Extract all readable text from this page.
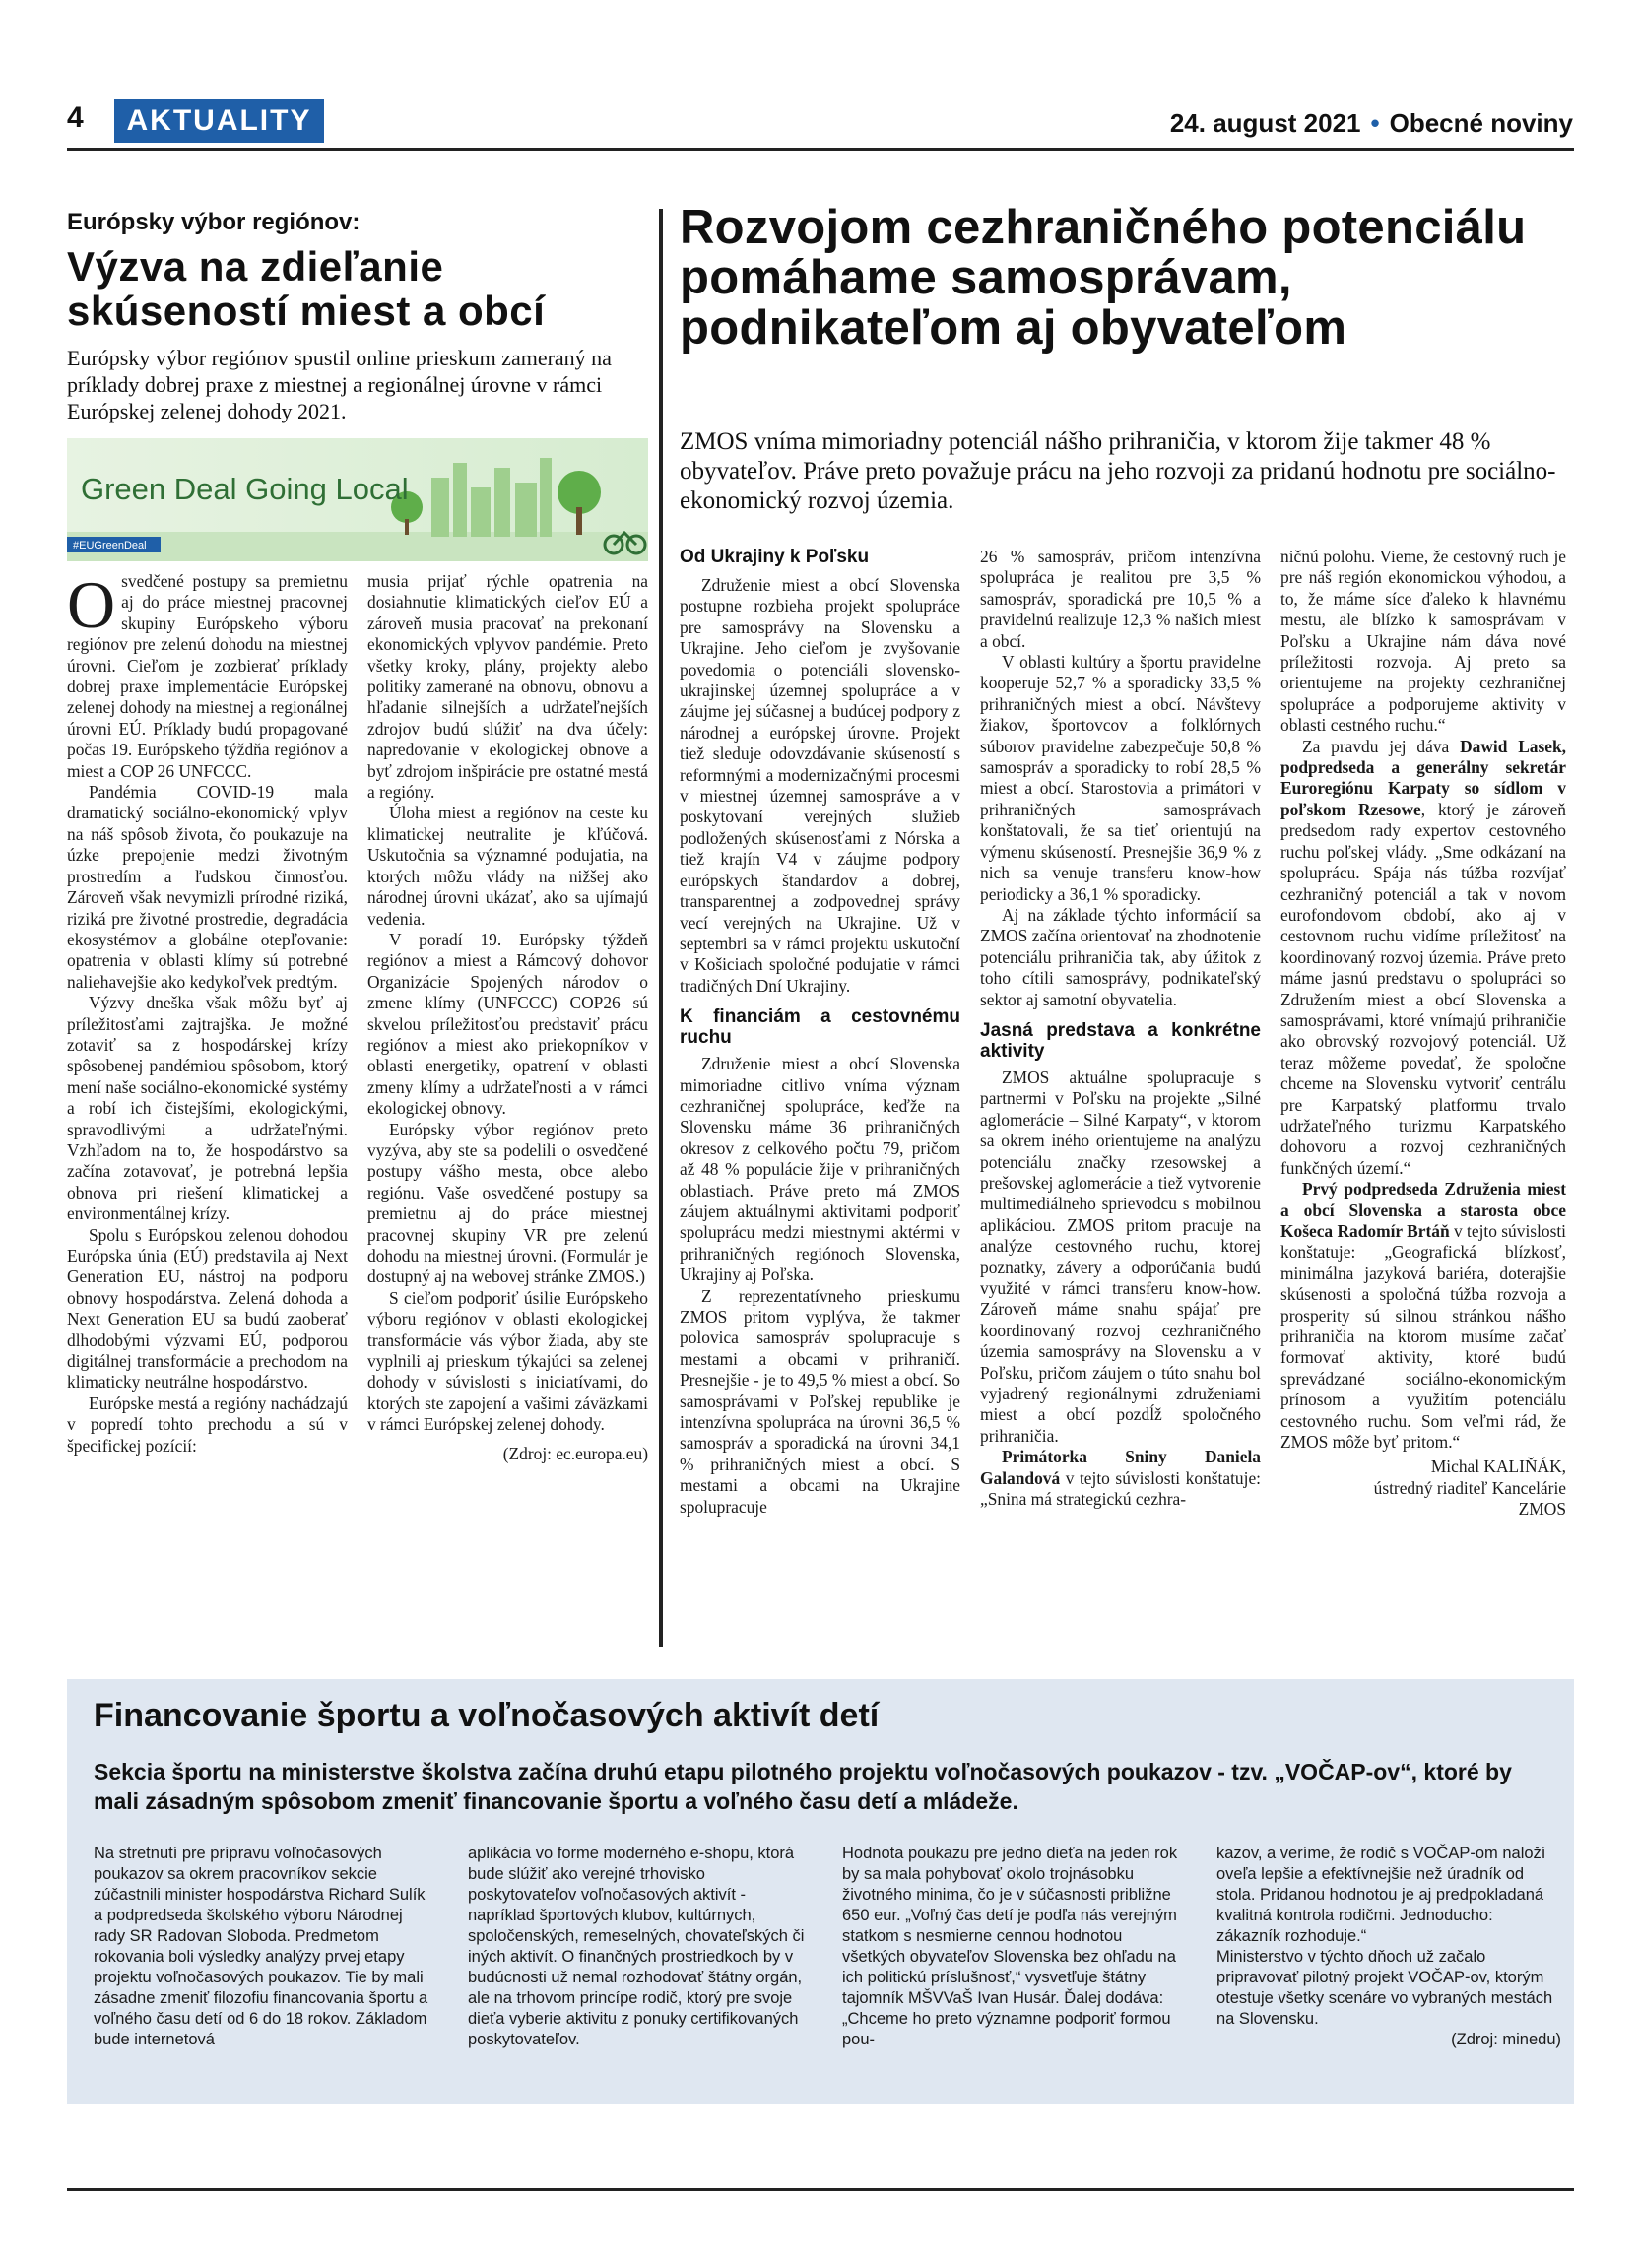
4	AKTUALITY	24. august 2021 • Obecné noviny
Európsky výbor regiónov:
Výzva na zdieľanie skúseností miest a obcí
Európsky výbor regiónov spustil online prieskum zameraný na príklady dobrej praxe z miestnej a regionálnej úrovne v rámci Európskej zelenej dohody 2021.
Green Deal Going Local
#EUGreenDeal

Osvedčené postupy sa premietnu aj do práce miestnej pracovnej skupiny Európskeho výboru regiónov pre zelenú dohodu na miestnej úrovni. Cieľom je zozbierať príklady dobrej praxe implementácie Európskej zelenej dohody na miestnej a regionálnej úrovni EÚ. Príklady budú propagované počas 19. Európskeho týždňa regiónov a miest a COP 26 UNFCCC.

Pandémia COVID-19 mala dramatický sociálno-ekonomický vplyv na náš spôsob života, čo poukazuje na úzke prepojenie medzi životným prostredím a ľudskou činnosťou. Zároveň však nevymizli prírodné riziká, riziká pre životné prostredie, degradácia ekosystémov a globálne otepľovanie: opatrenia v oblasti klímy sú potrebné naliehavejšie ako kedykoľvek predtým.

Výzvy dneška však môžu byť aj príležitosťami zajtrajška. Je možné zotaviť sa z hospodárskej krízy spôsobenej pandémiou spôsobom, ktorý mení naše sociálno-ekonomické systémy a robí ich čistejšími, ekologickými, spravodlivými a udržateľnými. Vzhľadom na to, že hospodárstvo sa začína zotavovať, je potrebná lepšia obnova pri riešení klimatickej a environmentálnej krízy.

Spolu s Európskou zelenou dohodou Európska únia (EÚ) predstavila aj Next Generation EU, nástroj na podporu obnovy hospodárstva. Zelená dohoda a Next Generation EU sa budú zaoberať dlhodobými výzvami EÚ, podporou digitálnej transformácie a prechodom na klimaticky neutrálne hospodárstvo.

Európske mestá a regióny nachádzajú v popredí tohto prechodu a sú v špecifickej pozícií:

musia prijať rýchle opatrenia na dosiahnutie klimatických cieľov EÚ a zároveň musia pracovať na prekonaní ekonomických vplyvov pandémie. Preto všetky kroky, plány, projekty alebo politiky zamerané na obnovu, obnovu a hľadanie silnejších a udržateľnejších zdrojov budú slúžiť na dva účely: napredovanie v ekologickej obnove a byť zdrojom inšpirácie pre ostatné mestá a regióny.

Úloha miest a regiónov na ceste ku klimatickej neutralite je kľúčová. Uskutočnia sa významné podujatia, na ktorých môžu vlády na nižšej ako národnej úrovni ukázať, ako sa ujímajú vedenia.

V poradí 19. Európsky týždeň regiónov a miest a Rámcový dohovor Organizácie Spojených národov o zmene klímy (UNFCCC) COP26 sú skvelou príležitosťou predstaviť prácu regiónov a miest ako priekopníkov v oblasti energetiky, opatrení v oblasti zmeny klímy a udržateľnosti a v rámci ekologickej obnovy.

Európsky výbor regiónov preto vyzýva, aby ste sa podelili o osvedčené postupy vášho mesta, obce alebo regiónu. Vaše osvedčené postupy sa premietnu aj do práce miestnej pracovnej skupiny VR pre zelenú dohodu na miestnej úrovni. (Formulár je dostupný aj na webovej stránke ZMOS.)

S cieľom podporiť úsilie Európskeho výboru regiónov v oblasti ekologickej transformácie vás výbor žiada, aby ste vyplnili aj prieskum týkajúci sa zelenej dohody v súvislosti s iniciatívami, do ktorých ste zapojení a vašimi záväzkami v rámci Európskej zelenej dohody.

(Zdroj: ec.europa.eu)
Rozvojom cezhraničného potenciálu pomáhame samosprávam, podnikateľom aj obyvateľom
ZMOS vníma mimoriadny potenciál nášho prihraničia, v ktorom žije takmer 48 % obyvateľov. Práve preto považuje prácu na jeho rozvoji za pridanú hodnotu pre sociálno-ekonomický rozvoj územia.
Od Ukrajiny k Poľsku

Združenie miest a obcí Slovenska postupne rozbieha projekt spolupráce pre samosprávy na Slovensku a Ukrajine. Jeho cieľom je zvyšovanie povedomia o potenciáli slovensko-ukrajinskej územnej spolupráce a v záujme jej súčasnej a budúcej podpory z národnej a európskej úrovne. Projekt tiež sleduje odovzdávanie skúseností s reformnými a modernizačnými procesmi v miestnej územnej samospráve a v poskytovaní verejných služieb podložených skúsenosťami z Nórska a tiež krajín V4 v záujme podpory európskych štandardov a dobrej, transparentnej a zodpovednej správy vecí verejných na Ukrajine. Už v septembri sa v rámci projektu uskutoční v Košiciach spoločné podujatie v rámci tradičných Dní Ukrajiny.

K financiám a cestovnému ruchu

Združenie miest a obcí Slovenska mimoriadne citlivo vníma význam cezhraničnej spolupráce, keďže na Slovensku máme 36 prihraničných okresov z celkového počtu 79, pričom až 48 % populácie žije v prihraničných oblastiach. Práve preto má ZMOS záujem aktuálnymi aktivitami podporiť spoluprácu medzi miestnymi aktérmi v prihraničných regiónoch Slovenska, Ukrajiny aj Poľska.

Z reprezentatívneho prieskumu ZMOS pritom vyplýva, že takmer polovica samospráv spolupracuje s mestami a obcami v prihraničí. Presnejšie - je to 49,5 % miest a obcí. So samosprávami v Poľskej republike je intenzívna spolupráca na úrovni 36,5 % samospráv a sporadická na úrovni 34,1 % prihraničných miest a obcí. S mestami a obcami na Ukrajine spolupracuje

26 % samospráv, pričom intenzívna spolupráca je realitou pre 3,5 % samospráv, sporadická pre 10,5 % a pravidelnú realizuje 12,3 % našich miest a obcí.

V oblasti kultúry a športu pravidelne kooperuje 52,7 % a sporadicky 33,5 % prihraničných miest a obcí. Návštevy žiakov, športovcov a folklórnych súborov pravidelne zabezpečuje 50,8 % samospráv a sporadicky to robí 28,5 % miest a obcí. Starostovia a primátori v prihraničných samosprávach konštatovali, že sa tieť orientujú na výmenu skúseností. Presnejšie 36,9 % z nich sa venuje transferu know-how periodicky a 36,1 % sporadicky.

Aj na základe týchto informácií sa ZMOS začína orientovať na zhodnotenie potenciálu prihraničia tak, aby úžitok z toho cítili samosprávy, podnikateľský sektor aj samotní obyvatelia.

Jasná predstava a konkrétne aktivity

ZMOS aktuálne spolupracuje s partnermi v Poľsku na projekte „Silné aglomerácie – Silné Karpaty“, v ktorom sa okrem iného orientujeme na analýzu potenciálu značky rzesowskej a prešovskej aglomerácie a tiež vytvorenie multimediálneho sprievodcu s mobilnou aplikáciou. ZMOS pritom pracuje na analýze cestovného ruchu, ktorej poznatky, závery a odporúčania budú využité v rámci transferu know-how. Zároveň máme snahu spájať pre koordinovaný rozvoj cezhraničného územia samosprávy na Slovensku a v Poľsku, pričom záujem o túto snahu bol vyjadrený regionálnymi združeniami miest a obcí pozdĺž spoločného prihraničia.

Primátorka Sniny Daniela Galandová v tejto súvislosti konštatuje: „Snina má strategickú cezhra-

ničnú polohu. Vieme, že cestovný ruch je pre náš región ekonomickou výhodou, a to, že máme síce ďaleko k hlavnému mestu, ale blízko k samosprávam v Poľsku a Ukrajine nám dáva nové príležitosti rozvoja. Aj preto sa orientujeme na projekty cezhraničnej spolupráce a podporujeme aktivity v oblasti cestného ruchu.“

Za pravdu jej dáva Dawid Lasek, podpredseda a generálny sekretár Euroregiónu Karpaty so sídlom v poľskom Rzesowe, ktorý je zároveň predsedom rady expertov cestovného ruchu poľskej vlády. „Sme odkázaní na spoluprácu. Spája nás túžba rozvíjať cezhraničný potenciál a tak v novom eurofondovom období, ako aj v cestovnom ruchu vidíme príležitosť na koordinovaný rozvoj územia. Práve preto máme jasnú predstavu o spolupráci so Združením miest a obcí Slovenska a samosprávami, ktoré vnímajú prihraničie ako obrovský rozvojový potenciál. Už teraz môžeme povedať, že spoločne chceme na Slovensku vytvoriť centrálu pre Karpatský platformu trvalo udržateľného turizmu Karpatského dohovoru a rozvoj cezhraničných funkčných území.“

Prvý podpredseda Združenia miest a obcí Slovenska a starosta obce Košeca Radomír Brtáň v tejto súvislosti konštatuje: „Geografická blízkosť, minimálna jazyková bariéra, doterajšie skúsenosti a spoločná túžba rozvoja a prosperity sú silnou stránkou nášho prihraničia na ktorom musíme začať formovať aktivity, ktoré budú sprevádzané sociálno-ekonomickým prínosom a využitím potenciálu cestovného ruchu. Som veľmi rád, že ZMOS môže byť pritom.“

Michal KALIŇÁK,
ústredný riaditeľ Kancelárie
ZMOS
Financovanie športu a voľnočasových aktivít detí
Sekcia športu na ministerstve školstva začína druhú etapu pilotného projektu voľnočasových poukazov - tzv. „VOČAP-ov“, ktoré by mali zásadným spôsobom zmeniť financovanie športu a voľného času detí a mládeže.

Na stretnutí pre prípravu voľnočasových poukazov sa okrem pracovníkov sekcie zúčastnili minister hospodárstva Richard Sulík a podpredseda školského výboru Národnej rady SR Radovan Sloboda. Predmetom rokovania boli výsledky analýzy prvej etapy projektu voľnočasových poukazov. Tie by mali zásadne zmeniť filozofiu financovania športu a voľného času detí od 6 do 18 rokov. Základom bude internetová

aplikácia vo forme moderného e-shopu, ktorá bude slúžiť ako verejné trhovisko poskytovateľov voľnočasových aktivít - napríklad športových klubov, kultúrnych, spoločenských, remeselných, chovateľských či iných aktivít. O finančných prostriedkoch by v budúcnosti už nemal rozhodovať štátny orgán, ale na trhovom princípe rodič, ktorý pre svoje dieťa vyberie aktivitu z ponuky certifikovaných poskytovateľov.

Hodnota poukazu pre jedno dieťa na jeden rok by sa mala pohybovať okolo trojnásobku životného minima, čo je v súčasnosti približne 650 eur. „Voľný čas detí je podľa nás verejným statkom s nesmierne cennou hodnotou všetkých obyvateľov Slovenska bez ohľadu na ich politickú príslušnosť,“ vysvetľuje štátny tajomník MŠVVaŠ Ivan Husár. Ďalej dodáva: „Chceme ho preto významne podporiť formou pou-

kazov, a veríme, že rodič s VOČAP-om naloží oveľa lepšie a efektívnejšie než úradník od stola. Pridanou hodnotou je aj predpokladaná kvalitná kontrola rodičmi. Jednoducho: zákazník rozhoduje.“

Ministerstvo v týchto dňoch už začalo pripravovať pilotný projekt VOČAP-ov, ktorým otestuje všetky scenáre vo vybraných mestách na Slovensku.

(Zdroj: minedu)
